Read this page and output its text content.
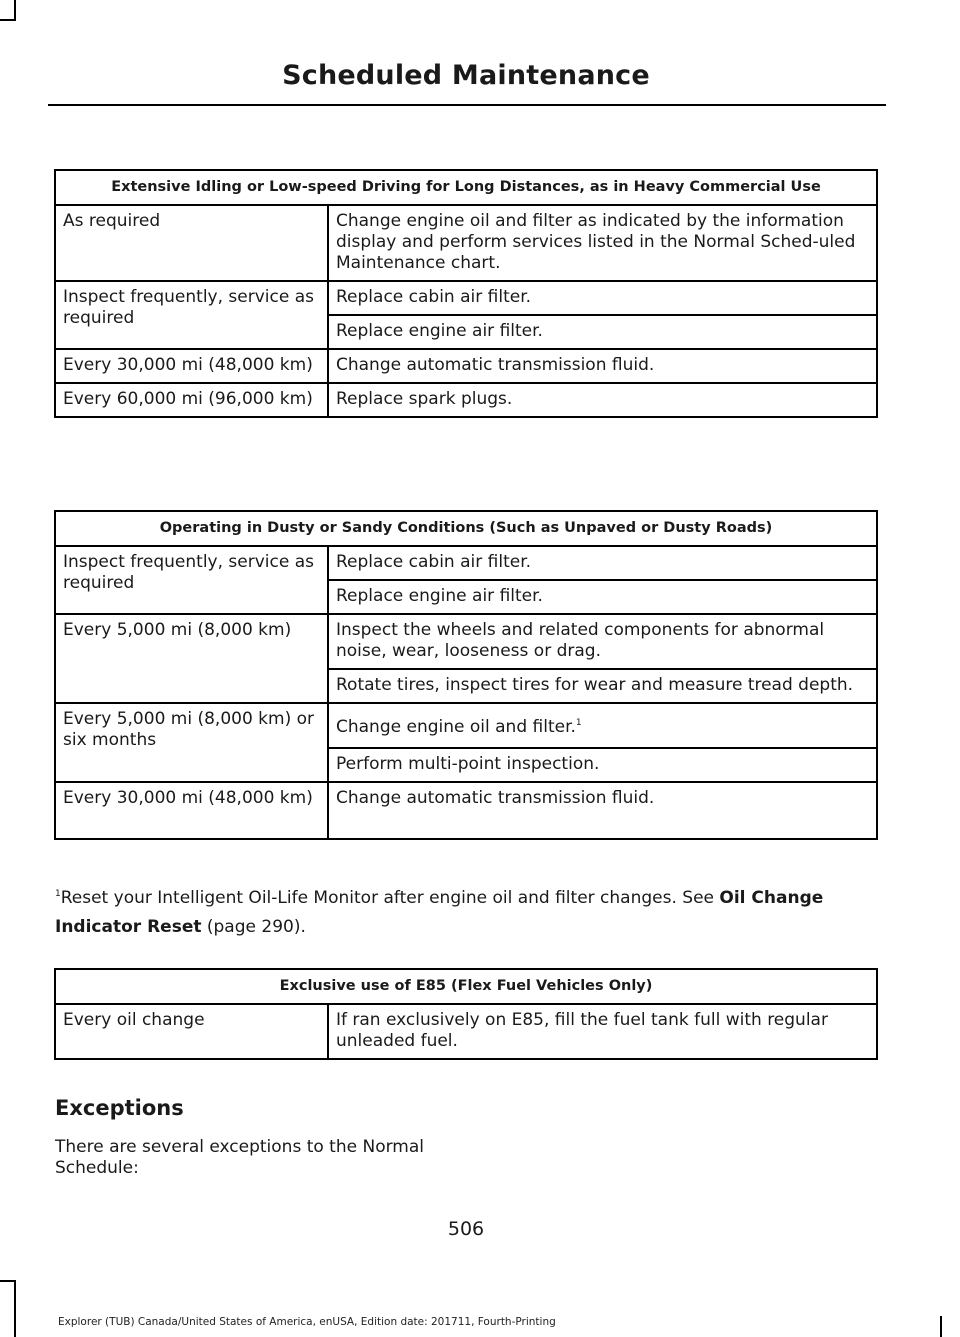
Scheduled Maintenance
Extensive Idling or Low-speed Driving for Long Distances, as in Heavy Commercial Use	
As required	Change engine oil and filter as indicated by the information display and perform services listed in the Normal Sched-uled Maintenance chart.
Inspect frequently, service as required	Replace cabin air filter.
	Replace engine air filter.
Every 30,000 mi (48,000 km)	Change automatic transmission fluid.
Every 60,000 mi (96,000 km)	Replace spark plugs.
Operating in Dusty or Sandy Conditions (Such as Unpaved or Dusty Roads)	
Inspect frequently, service as required	Replace cabin air filter.
	Replace engine air filter.
Every 5,000 mi (8,000 km)	Inspect the wheels and related components for abnormal noise, wear, looseness or drag.
	Rotate tires, inspect tires for wear and measure tread depth.
Every 5,000 mi (8,000 km) or six months	Change engine oil and filter.$^1$
	Perform multi-point inspection.
Every 30,000 mi (48,000 km)	Change automatic transmission fluid.
$^1$Reset your Intelligent Oil-Life Monitor after engine oil and filter changes. See Oil Change Indicator Reset (page 290).
Exclusive use of E85 (Flex Fuel Vehicles Only)
Every oil change	If ran exclusively on E85, fill the fuel tank full with regular unleaded fuel.
Exceptions
There are several exceptions to the Normal Schedule:
506
Explorer (TUB) Canada/United States of America, enUSA, Edition date: 201711, Fourth-Printing
